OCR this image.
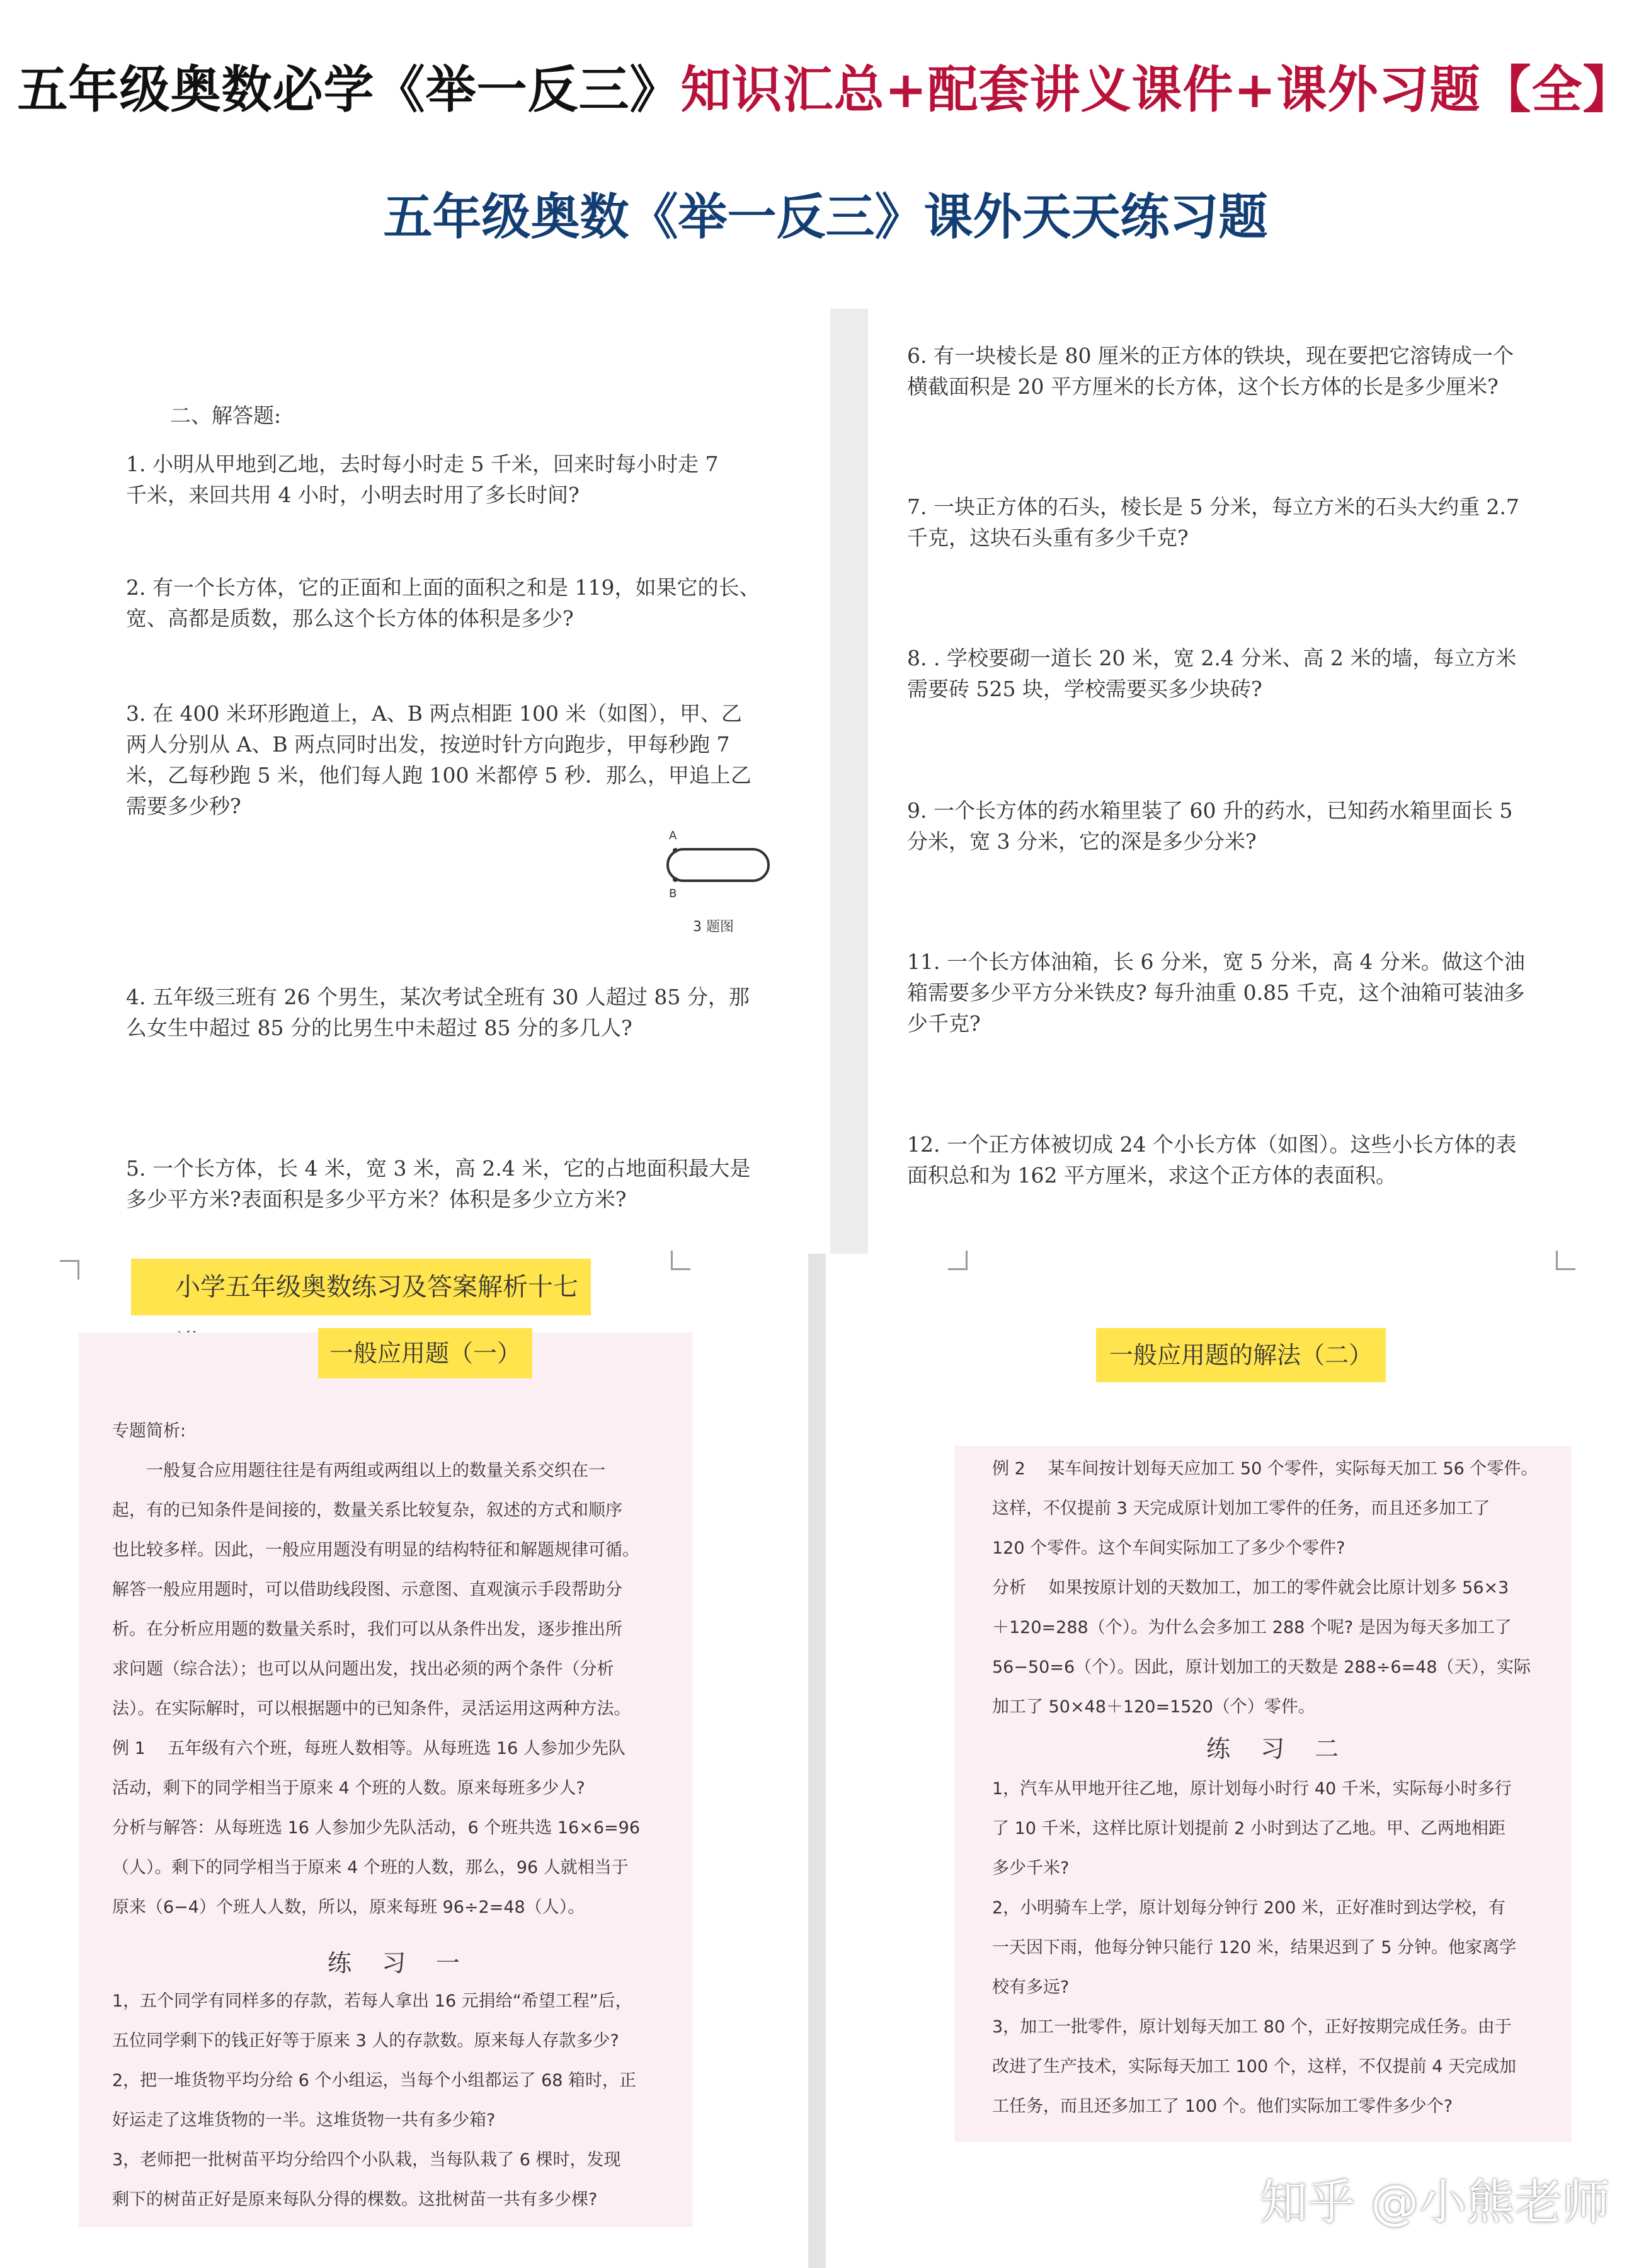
五年级奥数必学《举一反三》知识汇总+配套讲义课件+课外习题【全】
五年级奥数《举一反三》课外天天练习题
二、解答题:
1. 小明从甲地到乙地，去时每小时走 5 千米，回来时每小时走 7
千米，来回共用 4 小时，小明去时用了多长时间?
2. 有一个长方体，它的正面和上面的面积之和是 119，如果它的长、
宽、高都是质数，那么这个长方体的体积是多少?
3. 在 400 米环形跑道上，A、B 两点相距 100 米（如图），甲、乙
两人分别从 A、B 两点同时出发，按逆时针方向跑步，甲每秒跑 7
米，乙每秒跑 5 米，他们每人跑 100 米都停 5 秒．那么，甲追上乙
需要多少秒?
4. 五年级三班有 26 个男生，某次考试全班有 30 人超过 85 分，那
么女生中超过 85 分的比男生中未超过 85 分的多几人?
5. 一个长方体，长 4 米，宽 3 米，高 2.4 米，它的占地面积最大是
多少平方米?表面积是多少平方米？体积是多少立方米?
A
B
3 题图
6. 有一块棱长是 80 厘米的正方体的铁块，现在要把它溶铸成一个
横截面积是 20 平方厘米的长方体，这个长方体的长是多少厘米?
7. 一块正方体的石头，棱长是 5 分米，每立方米的石头大约重 2.7
千克，这块石头重有多少千克?
8. . 学校要砌一道长 20 米，宽 2.4 分米、高 2 米的墙，每立方米
需要砖 525 块，学校需要买多少块砖?
9. 一个长方体的药水箱里装了 60 升的药水，已知药水箱里面长 5
分米，宽 3 分米，它的深是多少分米?
11. 一个长方体油箱，长 6 分米，宽 5 分米，高 4 分米。做这个油
箱需要多少平方分米铁皮? 每升油重 0.85 千克，这个油箱可装油多
少千克?
12. 一个正方体被切成 24 个小长方体（如图）。这些小长方体的表
面积总和为 162 平方厘米，求这个正方体的表面积。
小学五年级奥数练习及答案解析十七
一般应用题（一）
专题简析:
　　一般复合应用题往往是有两组或两组以上的数量关系交织在一
起，有的已知条件是间接的，数量关系比较复杂，叙述的方式和顺序
也比较多样。因此，一般应用题没有明显的结构特征和解题规律可循。
解答一般应用题时，可以借助线段图、示意图、直观演示手段帮助分
析。在分析应用题的数量关系时，我们可以从条件出发，逐步推出所
求问题（综合法）；也可以从问题出发，找出必须的两个条件（分析
法）。在实际解时，可以根据题中的已知条件，灵活运用这两种方法。
例 1　 五年级有六个班，每班人数相等。从每班选 16 人参加少先队
活动，剩下的同学相当于原来 4 个班的人数。原来每班多少人?
分析与解答：从每班选 16 人参加少先队活动，6 个班共选 16×6=96
（人）。剩下的同学相当于原来 4 个班的人数，那么，96 人就相当于
原来（6−4）个班人人数，所以，原来每班 96÷2=48（人）。
练 习 一
1，五个同学有同样多的存款，若每人拿出 16 元捐给“希望工程”后，
五位同学剩下的钱正好等于原来 3 人的存款数。原来每人存款多少?
2，把一堆货物平均分给 6 个小组运，当每个小组都运了 68 箱时，正
好运走了这堆货物的一半。这堆货物一共有多少箱?
3，老师把一批树苗平均分给四个小队栽，当每队栽了 6 棵时，发现
剩下的树苗正好是原来每队分得的棵数。这批树苗一共有多少棵?
一般应用题的解法（二）
例 2　 某车间按计划每天应加工 50 个零件，实际每天加工 56 个零件。
这样，不仅提前 3 天完成原计划加工零件的任务，而且还多加工了
120 个零件。这个车间实际加工了多少个零件?
分析　 如果按原计划的天数加工，加工的零件就会比原计划多 56×3
＋120=288（个）。为什么会多加工 288 个呢? 是因为每天多加工了
56−50=6（个）。因此，原计划加工的天数是 288÷6=48（天），实际
加工了 50×48＋120=1520（个）零件。
练 习 二
1，汽车从甲地开往乙地，原计划每小时行 40 千米，实际每小时多行
了 10 千米，这样比原计划提前 2 小时到达了乙地。甲、乙两地相距
多少千米?
2，小明骑车上学，原计划每分钟行 200 米，正好准时到达学校，有
一天因下雨，他每分钟只能行 120 米，结果迟到了 5 分钟。他家离学
校有多远?
3，加工一批零件，原计划每天加工 80 个，正好按期完成任务。由于
改进了生产技术，实际每天加工 100 个，这样，不仅提前 4 天完成加
工任务，而且还多加工了 100 个。他们实际加工零件多少个?
知乎 @小熊老师
